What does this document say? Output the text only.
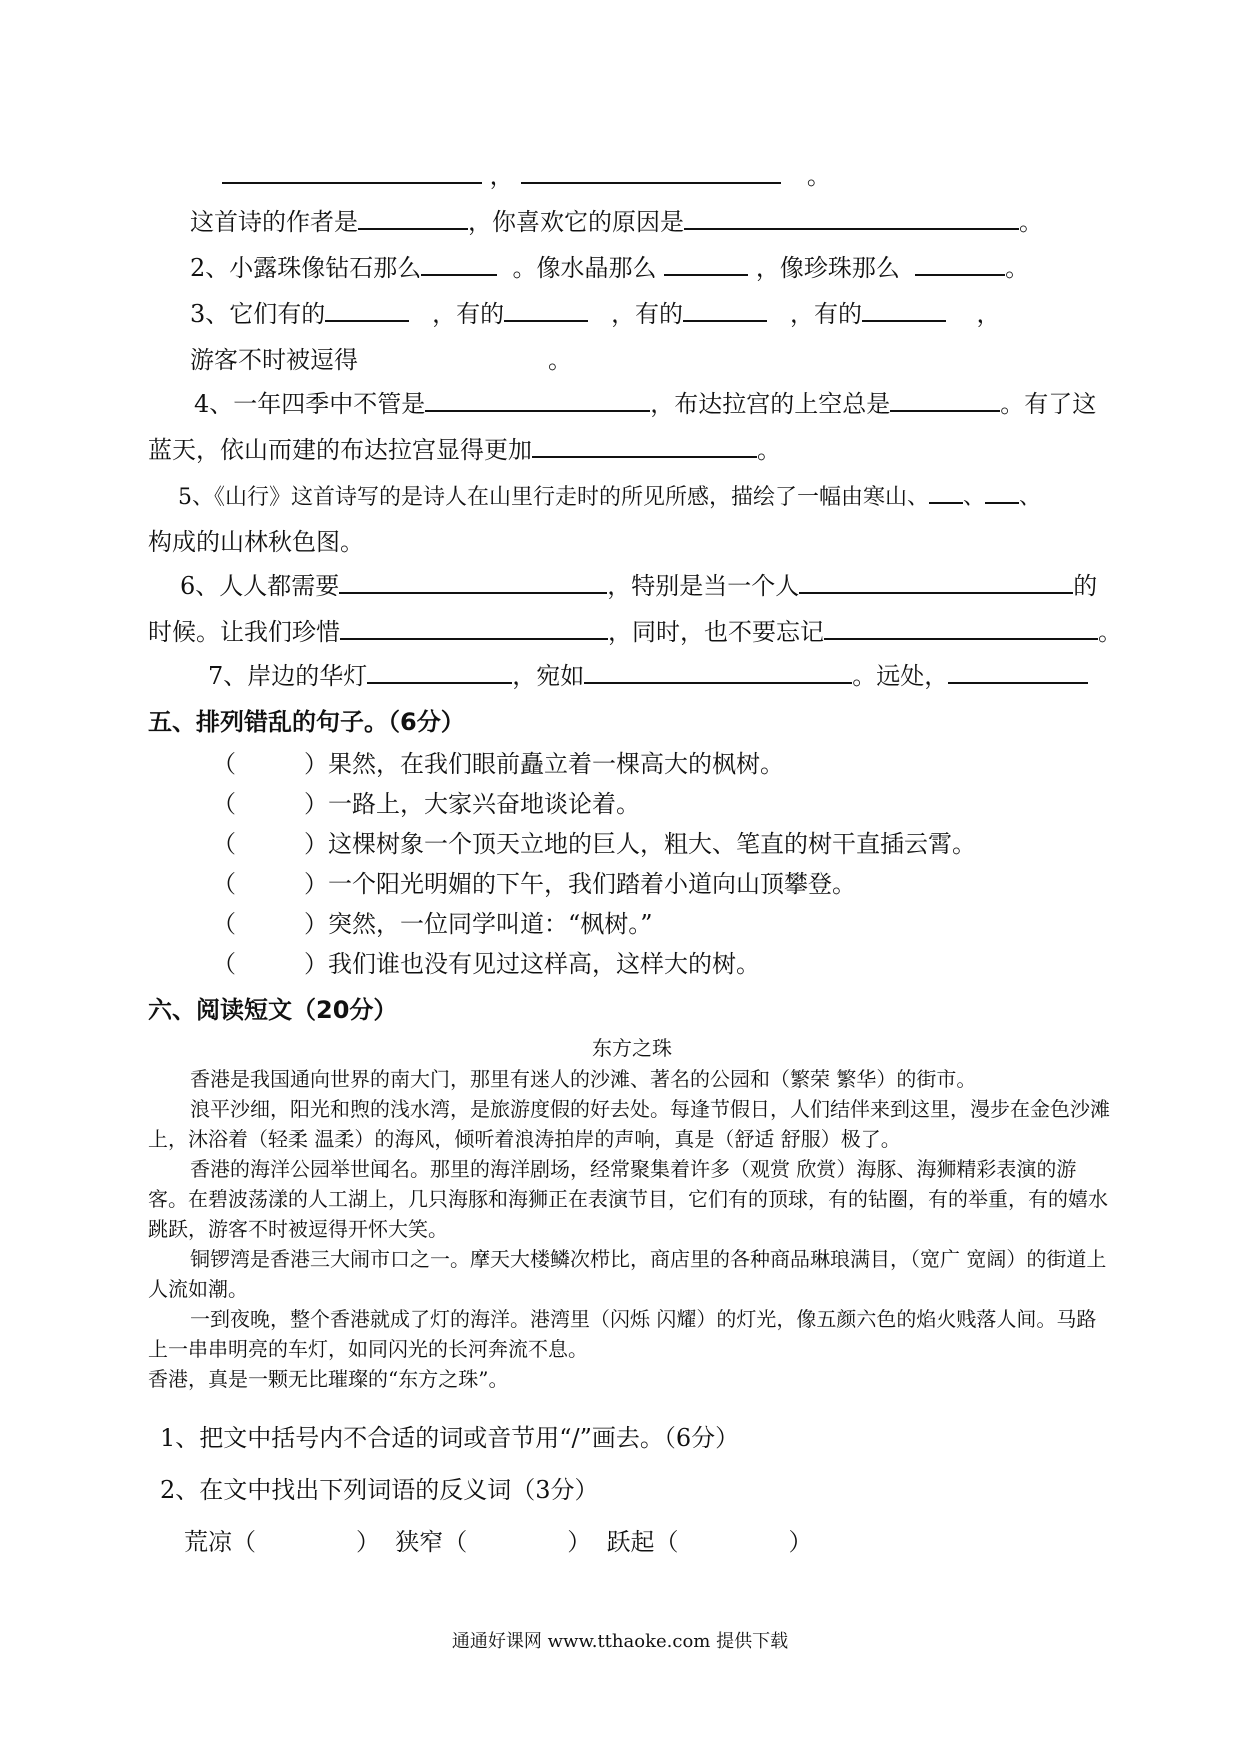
，	。
这首诗的作者是	，你喜欢它的原因是	。
2、小露珠像钻石那么	。像水晶那么	，像珍珠那么	。
3、它们有的	，有的	，有的	，有的	，
游客不时被逗得	。
4、一年四季中不管是	，布达拉宫的上空总是	。有了这
蓝天，依山而建的布达拉宫显得更加	。
5、《山行》这首诗写的是诗人在山里行走时的所见所感，描绘了一幅由寒山、 、 、
构成的山林秋色图。
6、人人都需要	，特别是当一个人	的
时候。让我们珍惜	，同时，也不要忘记	。
7、岸边的华灯	，宛如	。远处，
五、排列错乱的句子。（6分）
（	）果然，在我们眼前矗立着一棵高大的枫树。
（	）一路上，大家兴奋地谈论着。
（	）这棵树象一个顶天立地的巨人，粗大、笔直的树干直插云霄。
（	）一个阳光明媚的下午，我们踏着小道向山顶攀登。
（	）突然，一位同学叫道：“枫树。”
（	）我们谁也没有见过这样高，这样大的树。
六、阅读短文（20分）
东方之珠

香港是我国通向世界的南大门，那里有迷人的沙滩、著名的公园和（繁荣 繁华）的街市。

浪平沙细，阳光和煦的浅水湾，是旅游度假的好去处。每逢节假日，人们结伴来到这里，漫步在金色沙滩上，沐浴着（轻柔 温柔）的海风，倾听着浪涛拍岸的声响，真是（舒适 舒服）极了。

香港的海洋公园举世闻名。那里的海洋剧场，经常聚集着许多（观赏 欣赏）海豚、海狮精彩表演的游客。在碧波荡漾的人工湖上，几只海豚和海狮正在表演节目，它们有的顶球，有的钻圈，有的举重，有的嬉水跳跃，游客不时被逗得开怀大笑。

铜锣湾是香港三大闹市口之一。摩天大楼鳞次栉比，商店里的各种商品琳琅满目，（宽广 宽阔）的街道上人流如潮。

一到夜晚，整个香港就成了灯的海洋。港湾里（闪烁 闪耀）的灯光，像五颜六色的焰火贱落人间。马路上一串串明亮的车灯，如同闪光的长河奔流不息。

香港，真是一颗无比璀璨的“东方之珠”。

1、把文中括号内不合适的词或音节用“/”画去。（6分）
2、在文中找出下列词语的反义词（3分）
荒凉（	） 狭窄（	） 跃起（	）
通通好课网 www.tthaoke.com 提供下载
